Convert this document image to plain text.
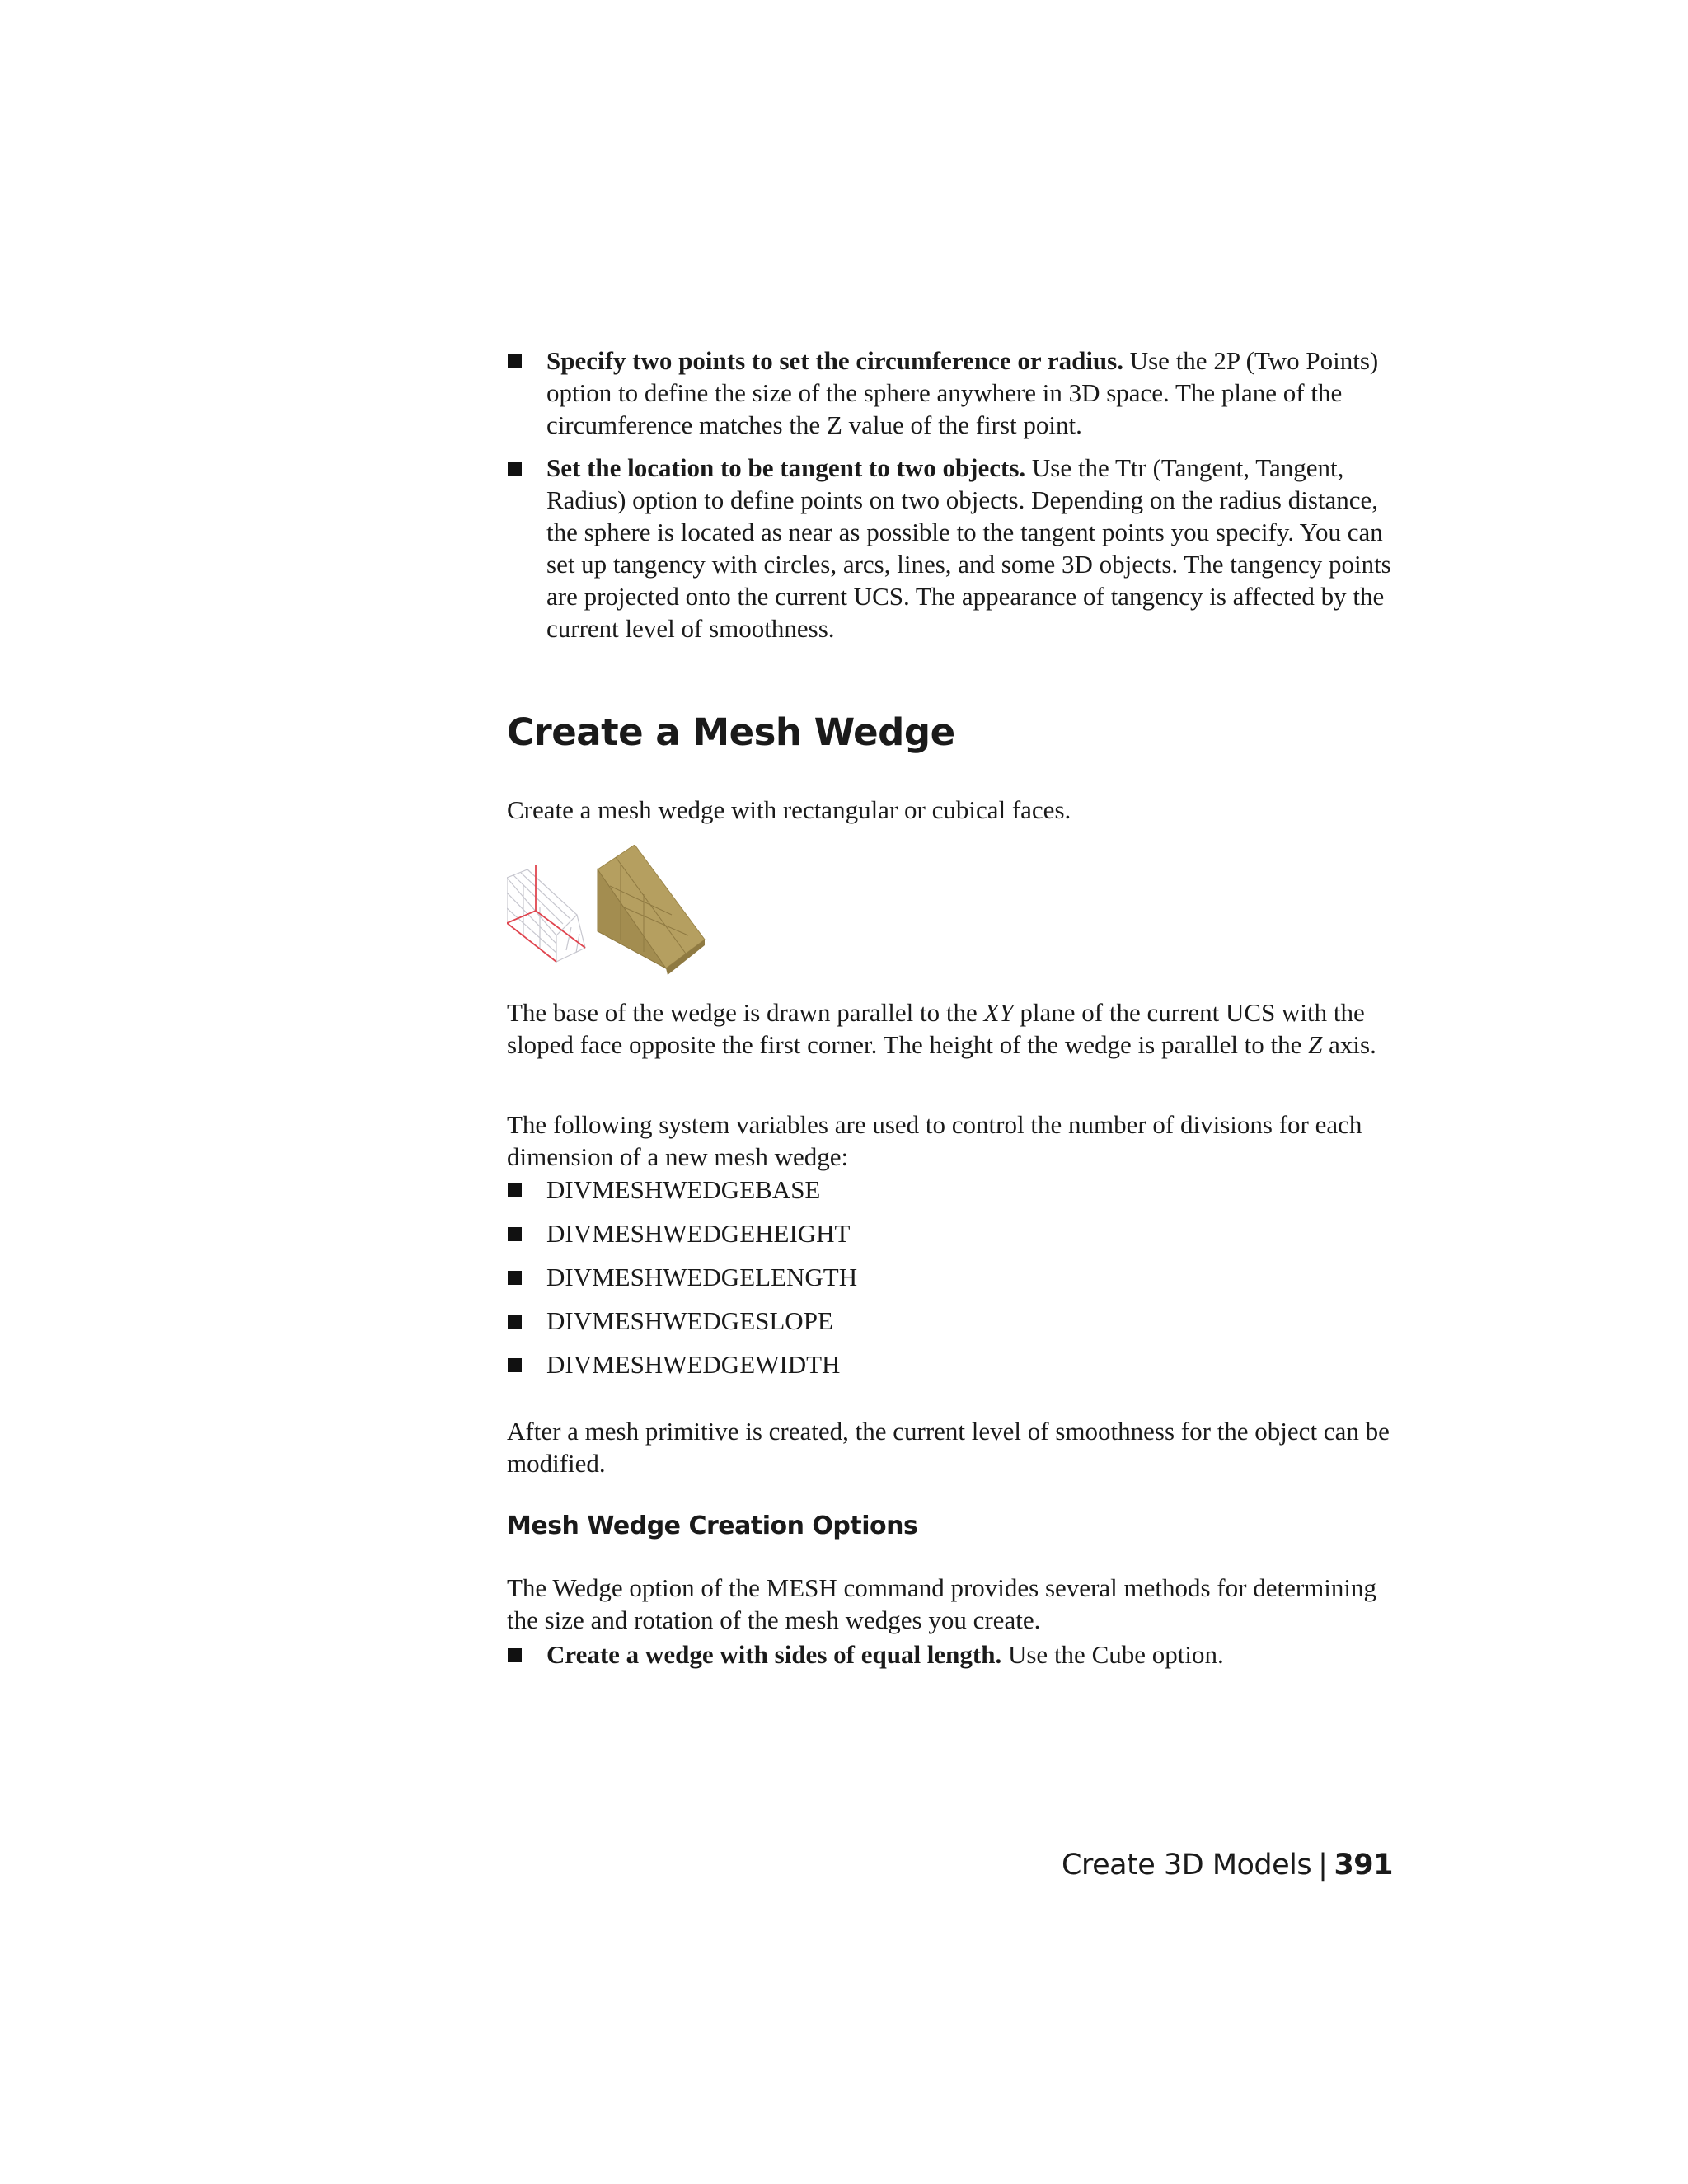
Specify two points to set the circumference or radius. Use the 2P (Two Points) option to define the size of the sphere anywhere in 3D space. The plane of the circumference matches the Z value of the first point.
Set the location to be tangent to two objects. Use the Ttr (Tangent, Tangent, Radius) option to define points on two objects. Depending on the radius distance, the sphere is located as near as possible to the tangent points you specify. You can set up tangency with circles, arcs, lines, and some 3D objects. The tangency points are projected onto the current UCS. The appearance of tangency is affected by the current level of smoothness.
Create a Mesh Wedge

Create a mesh wedge with rectangular or cubical faces.

The base of the wedge is drawn parallel to the XY plane of the current UCS with the sloped face opposite the first corner. The height of the wedge is parallel to the Z axis.

The following system variables are used to control the number of divisions for each dimension of a new mesh wedge:

DIVMESHWEDGEBASE
DIVMESHWEDGEHEIGHT
DIVMESHWEDGELENGTH
DIVMESHWEDGESLOPE
DIVMESHWEDGEWIDTH

After a mesh primitive is created, the current level of smoothness for the object can be modified.

Mesh Wedge Creation Options

The Wedge option of the MESH command provides several methods for determining the size and rotation of the mesh wedges you create.

Create a wedge with sides of equal length. Use the Cube option.
Create 3D Models | 391
